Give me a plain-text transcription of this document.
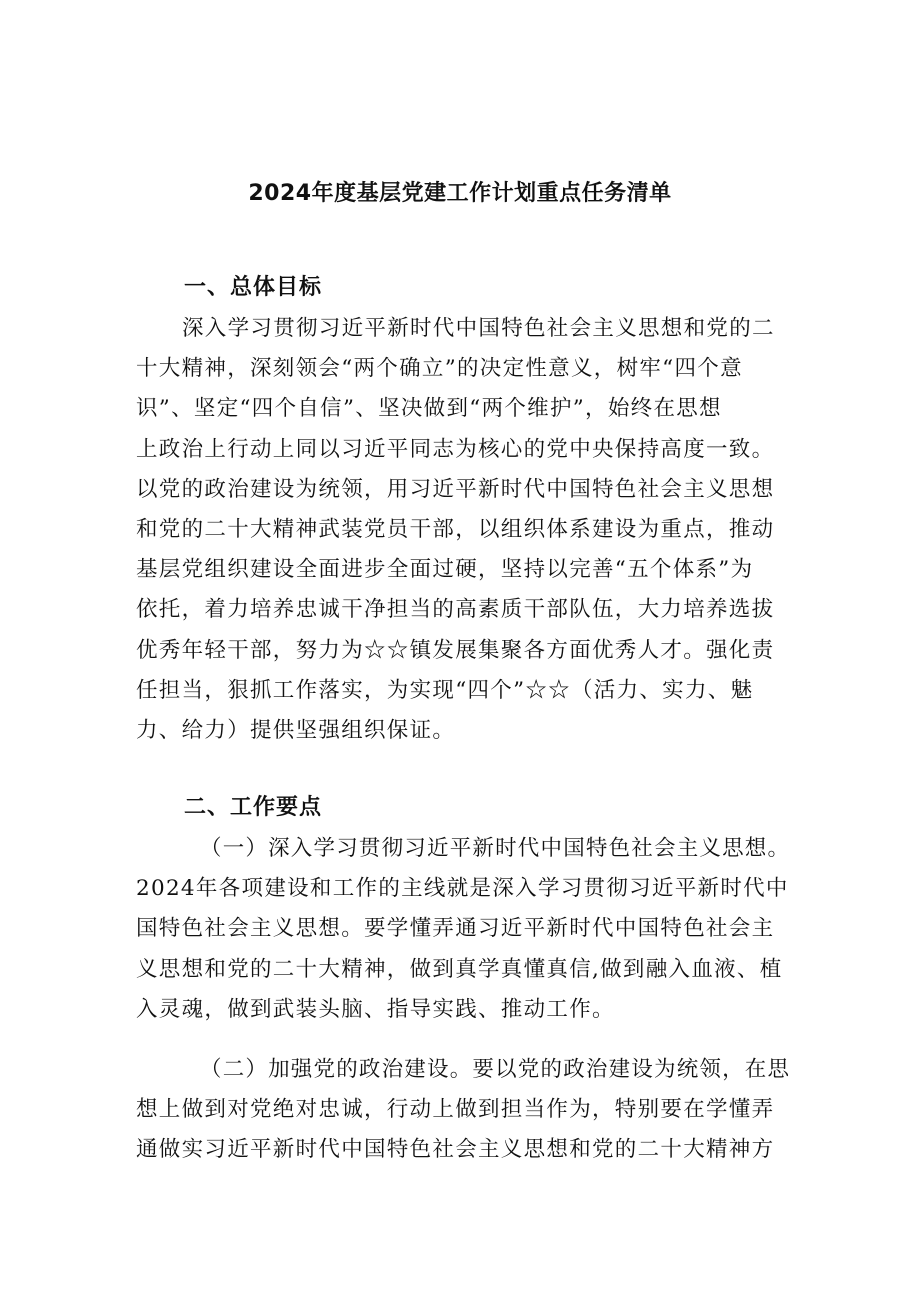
2024年度基层党建工作计划重点任务清单
一、总体目标
深入学习贯彻习近平新时代中国特色社会主义思想和党的二
十大精神，深刻领会“两个确立”的决定性意义，树牢“四个意
识”、坚定“四个自信”、坚决做到“两个维护”，始终在思想
上政治上行动上同以习近平同志为核心的党中央保持高度一致。
以党的政治建设为统领，用习近平新时代中国特色社会主义思想
和党的二十大精神武装党员干部，以组织体系建设为重点，推动
基层党组织建设全面进步全面过硬，坚持以完善“五个体系”为
依托，着力培养忠诚干净担当的高素质干部队伍，大力培养选拔
优秀年轻干部，努力为☆☆镇发展集聚各方面优秀人才。强化责
任担当，狠抓工作落实，为实现“四个”☆☆（活力、实力、魅
力、给力）提供坚强组织保证。
二、工作要点
（一）深入学习贯彻习近平新时代中国特色社会主义思想。
2024年各项建设和工作的主线就是深入学习贯彻习近平新时代中
国特色社会主义思想。要学懂弄通习近平新时代中国特色社会主
义思想和党的二十大精神，做到真学真懂真信,做到融入血液、植
入灵魂，做到武装头脑、指导实践、推动工作。
（二）加强党的政治建设。要以党的政治建设为统领，在思
想上做到对党绝对忠诚，行动上做到担当作为，特别要在学懂弄
通做实习近平新时代中国特色社会主义思想和党的二十大精神方
